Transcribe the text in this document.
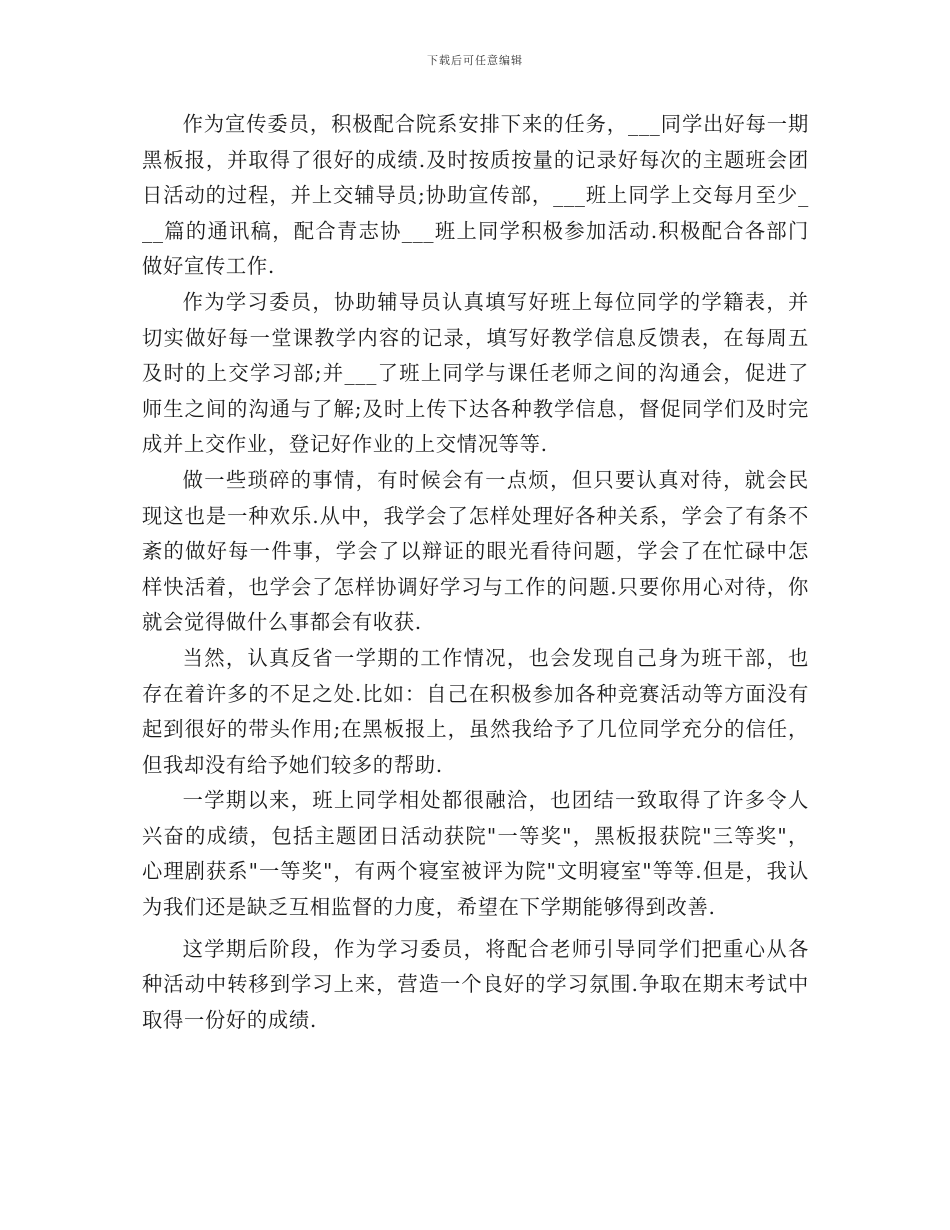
下载后可任意编辑

作为宣传委员，积极配合院系安排下来的任务，___同学出好每一期黑板报，并取得了很好的成绩.及时按质按量的记录好每次的主题班会团日活动的过程，并上交辅导员;协助宣传部，___班上同学上交每月至少___篇的通讯稿，配合青志协___班上同学积极参加活动.积极配合各部门做好宣传工作.

作为学习委员，协助辅导员认真填写好班上每位同学的学籍表，并切实做好每一堂课教学内容的记录，填写好教学信息反馈表，在每周五及时的上交学习部;并___了班上同学与课任老师之间的沟通会，促进了师生之间的沟通与了解;及时上传下达各种教学信息，督促同学们及时完成并上交作业，登记好作业的上交情况等等.

做一些琐碎的事情，有时候会有一点烦，但只要认真对待，就会民现这也是一种欢乐.从中，我学会了怎样处理好各种关系，学会了有条不紊的做好每一件事，学会了以辩证的眼光看待问题，学会了在忙碌中怎样快活着，也学会了怎样协调好学习与工作的问题.只要你用心对待，你就会觉得做什么事都会有收获.

当然，认真反省一学期的工作情况，也会发现自己身为班干部，也存在着许多的不足之处.比如：自己在积极参加各种竞赛活动等方面没有起到很好的带头作用;在黑板报上，虽然我给予了几位同学充分的信任，但我却没有给予她们较多的帮助.

一学期以来，班上同学相处都很融洽，也团结一致取得了许多令人兴奋的成绩，包括主题团日活动获院"一等奖"，黑板报获院"三等奖"，心理剧获系"一等奖"，有两个寝室被评为院"文明寝室"等等.但是，我认为我们还是缺乏互相监督的力度，希望在下学期能够得到改善.

这学期后阶段，作为学习委员，将配合老师引导同学们把重心从各种活动中转移到学习上来，营造一个良好的学习氛围.争取在期末考试中取得一份好的成绩.
